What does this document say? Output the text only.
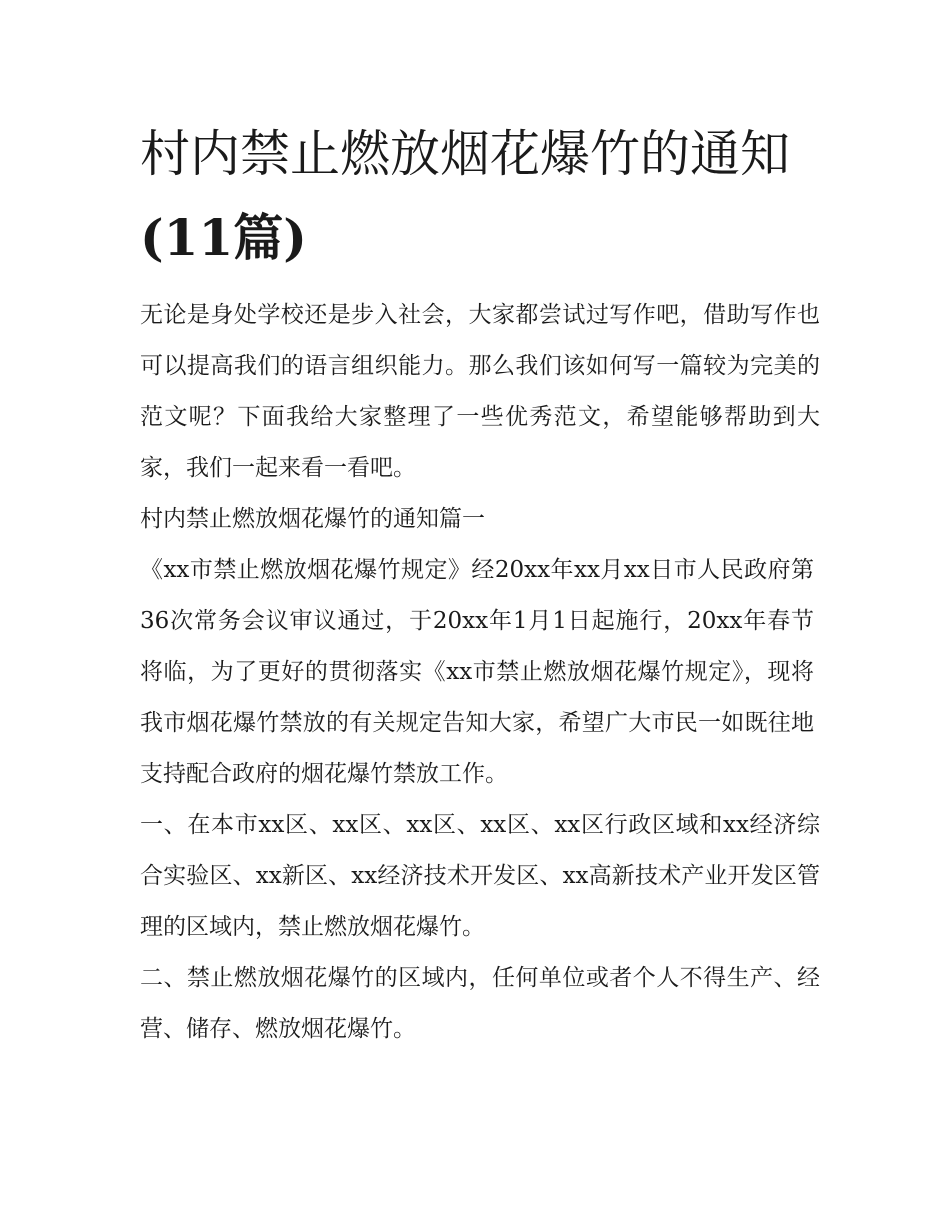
村内禁止燃放烟花爆竹的通知
(11篇)

无论是身处学校还是步入社会，大家都尝试过写作吧，借助写作也可以提高我们的语言组织能力。那么我们该如何写一篇较为完美的范文呢？下面我给大家整理了一些优秀范文，希望能够帮助到大家，我们一起来看一看吧。

村内禁止燃放烟花爆竹的通知篇一

《xx市禁止燃放烟花爆竹规定》经20xx年xx月xx日市人民政府第36次常务会议审议通过，于20xx年1月1日起施行，20xx年春节将临，为了更好的贯彻落实《xx市禁止燃放烟花爆竹规定》，现将我市烟花爆竹禁放的有关规定告知大家，希望广大市民一如既往地支持配合政府的烟花爆竹禁放工作。

一、在本市xx区、xx区、xx区、xx区、xx区行政区域和xx经济综合实验区、xx新区、xx经济技术开发区、xx高新技术产业开发区管理的区域内，禁止燃放烟花爆竹。

二、禁止燃放烟花爆竹的区域内，任何单位或者个人不得生产、经营、储存、燃放烟花爆竹。
